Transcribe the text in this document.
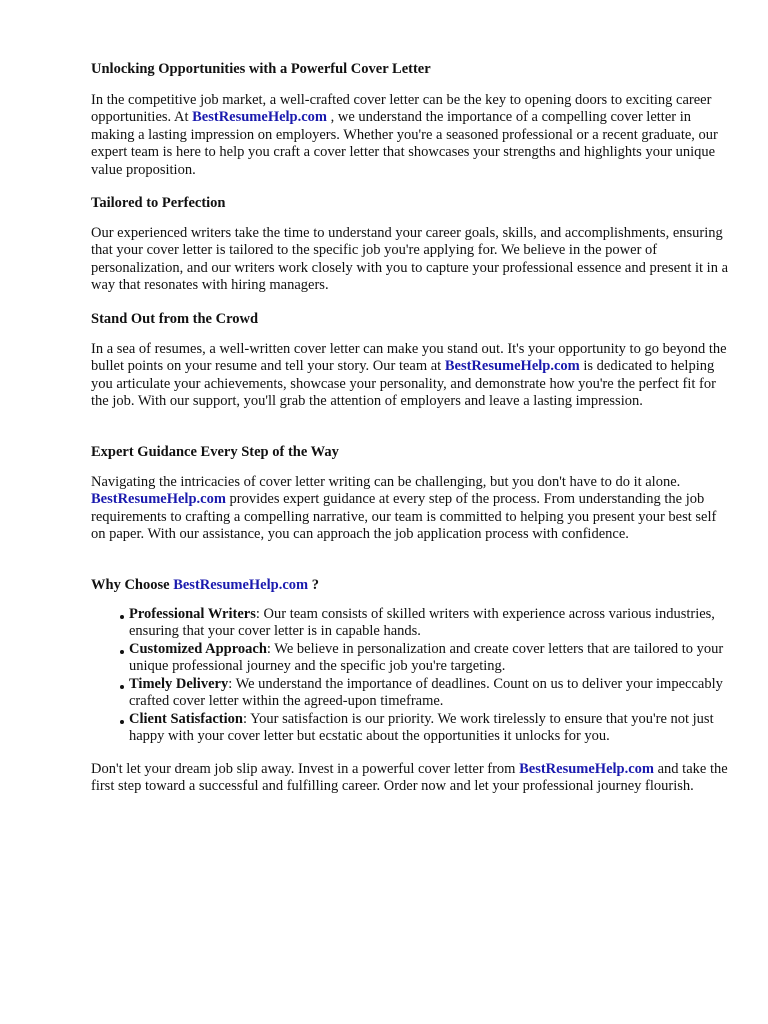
Unlocking Opportunities with a Powerful Cover Letter

In the competitive job market, a well-crafted cover letter can be the key to opening doors to exciting career opportunities. At BestResumeHelp.com , we understand the importance of a compelling cover letter in making a lasting impression on employers. Whether you're a seasoned professional or a recent graduate, our expert team is here to help you craft a cover letter that showcases your strengths and highlights your unique value proposition.

Tailored to Perfection

Our experienced writers take the time to understand your career goals, skills, and accomplishments, ensuring that your cover letter is tailored to the specific job you're applying for. We believe in the power of personalization, and our writers work closely with you to capture your professional essence and present it in a way that resonates with hiring managers.

Stand Out from the Crowd

In a sea of resumes, a well-written cover letter can make you stand out. It's your opportunity to go beyond the bullet points on your resume and tell your story. Our team at BestResumeHelp.com is dedicated to helping you articulate your achievements, showcase your personality, and demonstrate how you're the perfect fit for the job. With our support, you'll grab the attention of employers and leave a lasting impression.

Expert Guidance Every Step of the Way

Navigating the intricacies of cover letter writing can be challenging, but you don't have to do it alone. BestResumeHelp.com provides expert guidance at every step of the process. From understanding the job requirements to crafting a compelling narrative, our team is committed to helping you present your best self on paper. With our assistance, you can approach the job application process with confidence.

Why Choose BestResumeHelp.com ?
Professional Writers: Our team consists of skilled writers with experience across various industries, ensuring that your cover letter is in capable hands.
Customized Approach: We believe in personalization and create cover letters that are tailored to your unique professional journey and the specific job you're targeting.
Timely Delivery: We understand the importance of deadlines. Count on us to deliver your impeccably crafted cover letter within the agreed-upon timeframe.
Client Satisfaction: Your satisfaction is our priority. We work tirelessly to ensure that you're not just happy with your cover letter but ecstatic about the opportunities it unlocks for you.

Don't let your dream job slip away. Invest in a powerful cover letter from BestResumeHelp.com and take the first step toward a successful and fulfilling career. Order now and let your professional journey flourish.
